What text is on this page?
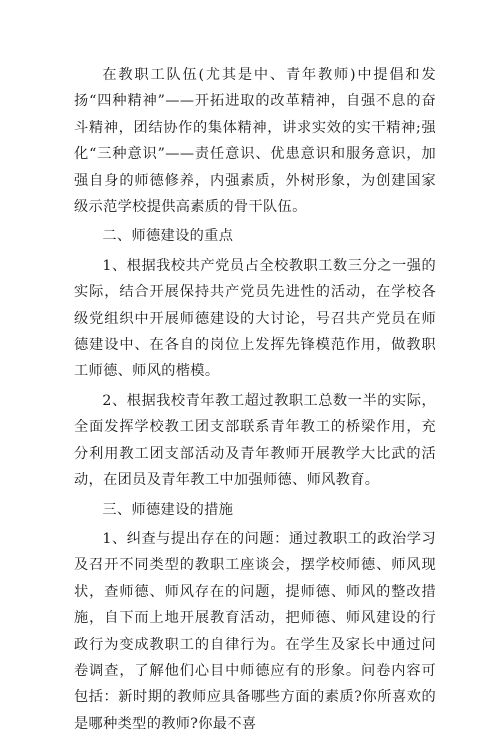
在教职工队伍(尤其是中、青年教师)中提倡和发扬“四种精神”——开拓进取的改革精神，自强不息的奋斗精神，团结协作的集体精神，讲求实效的实干精神;强化“三种意识”——责任意识、优患意识和服务意识，加强自身的师德修养，内强素质，外树形象，为创建国家级示范学校提供高素质的骨干队伍。

二、师德建设的重点

1、根据我校共产党员占全校教职工数三分之一强的实际，结合开展保持共产党员先进性的活动，在学校各级党组织中开展师德建设的大讨论，号召共产党员在师德建设中、在各自的岗位上发挥先锋模范作用，做教职工师德、师风的楷模。

2、根据我校青年教工超过教职工总数一半的实际，全面发挥学校教工团支部联系青年教工的桥梁作用，充分利用教工团支部活动及青年教师开展教学大比武的活动，在团员及青年教工中加强师德、师风教育。

三、师德建设的措施

1、纠查与提出存在的问题：通过教职工的政治学习及召开不同类型的教职工座谈会，摆学校师德、师风现状，查师德、师风存在的问题，提师德、师风的整改措施，自下而上地开展教育活动，把师德、师风建设的行政行为变成教职工的自律行为。在学生及家长中通过问卷调查，了解他们心目中师德应有的形象。问卷内容可包括：新时期的教师应具备哪些方面的素质?你所喜欢的是哪种类型的教师?你最不喜
